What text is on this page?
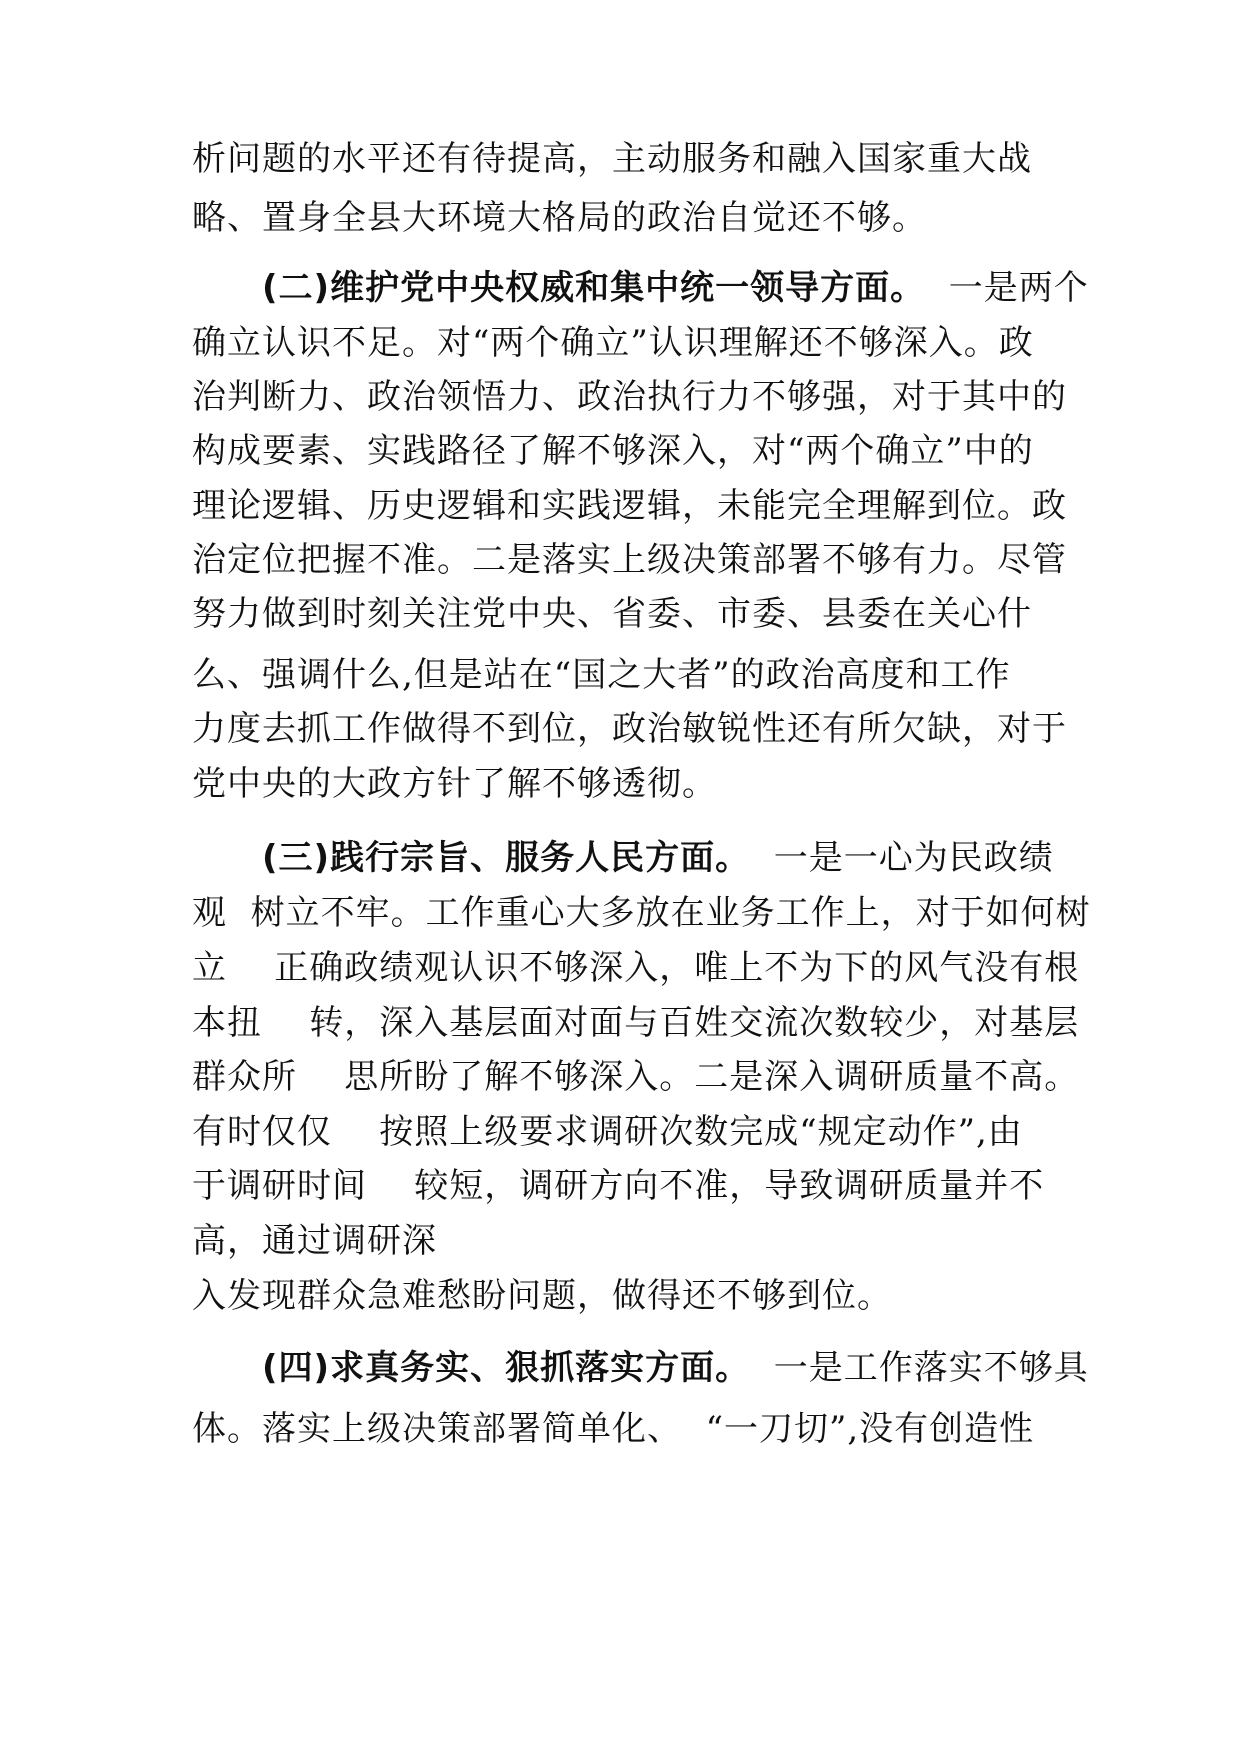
析问题的水平还有待提高，主动服务和融入国家重大战
略、置身全县大环境大格局的政治自觉还不够。
(二)维护党中央权威和集中统一领导方面。  一是两个
确立认识不足。对“两个确立”认识理解还不够深入。政
治判断力、政治领悟力、政治执行力不够强，对于其中的
构成要素、实践路径了解不够深入，对“两个确立”中的
理论逻辑、历史逻辑和实践逻辑，未能完全理解到位。政
治定位把握不准。二是落实上级决策部署不够有力。尽管
努力做到时刻关注党中央、省委、市委、县委在关心什
么、强调什么,但是站在“国之大者”的政治高度和工作
力度去抓工作做得不到位，政治敏锐性还有所欠缺，对于
党中央的大政方针了解不够透彻。
(三)践行宗旨、服务人民方面。  一是一心为民政绩
观  树立不牢。工作重心大多放在业务工作上，对于如何树
立    正确政绩观认识不够深入，唯上不为下的风气没有根
本扭    转，深入基层面对面与百姓交流次数较少，对基层
群众所    思所盼了解不够深入。二是深入调研质量不高。
有时仅仅    按照上级要求调研次数完成“规定动作”,由
于调研时间    较短，调研方向不准，导致调研质量并不
高，通过调研深
入发现群众急难愁盼问题，做得还不够到位。
(四)求真务实、狠抓落实方面。  一是工作落实不够具
体。落实上级决策部署简单化、  “一刀切”,没有创造性
